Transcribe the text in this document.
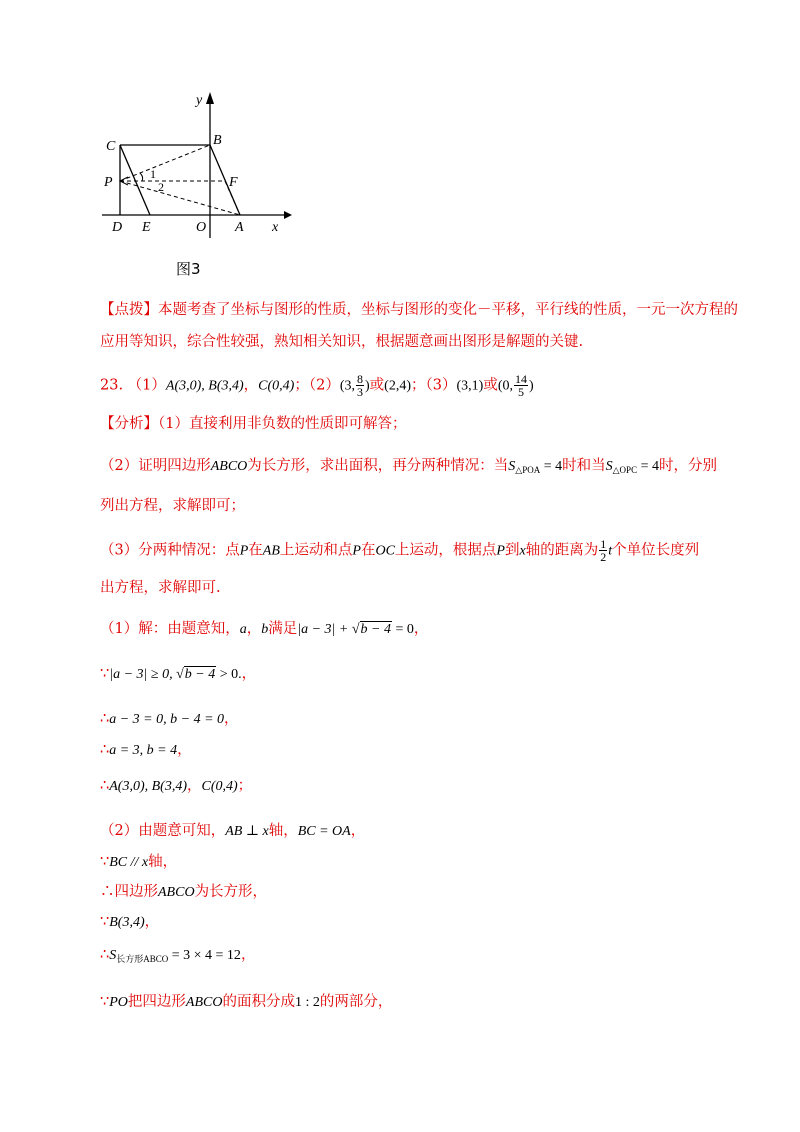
y
x
C	B
P	F
D E	O A
1
2
图3
【点拨】本题考查了坐标与图形的性质，坐标与图形的变化－平移，平行线的性质，一元一次方程的
应用等知识，综合性较强，熟知相关知识，根据题意画出图形是解题的关键.
23. （1）A(3,0), B(3,4)，C(0,4)；（2）(3, $\frac{8}{3}$ )或(2,4)；（3）(3,1)或(0, $\frac{14}{5}$ )
【分析】（1）直接利用非负数的性质即可解答；
（2）证明四边形ABCO为长方形，求出面积，再分两种情况：当$S_{\triangle POA} = 4$时和当$S_{\triangle OPC} = 4$时，分别
列出方程，求解即可；
（3）分两种情况：点P在AB上运动和点P在OC上运动，根据点P到x轴的距离为 $\frac{1}{2}$ t个单位长度列
出方程，求解即可.
（1）解：由题意知，a，b满足|a − 3| + √b − 4 = 0，
∵|a − 3| ≥ 0, √b − 4 > 0.，
∴a − 3 = 0, b − 4 = 0，
∴a = 3, b = 4，
∴A(3,0), B(3,4)，C(0,4)；
（2）由题意可知，AB ⊥ x轴，BC = OA，
∵BC // x轴，
∴四边形ABCO为长方形，
∵B(3,4)，
$\therefore S_{长方形ABCO} = 3 \times 4 = 12$，
∵PO把四边形ABCO的面积分成1 : 2的两部分，
